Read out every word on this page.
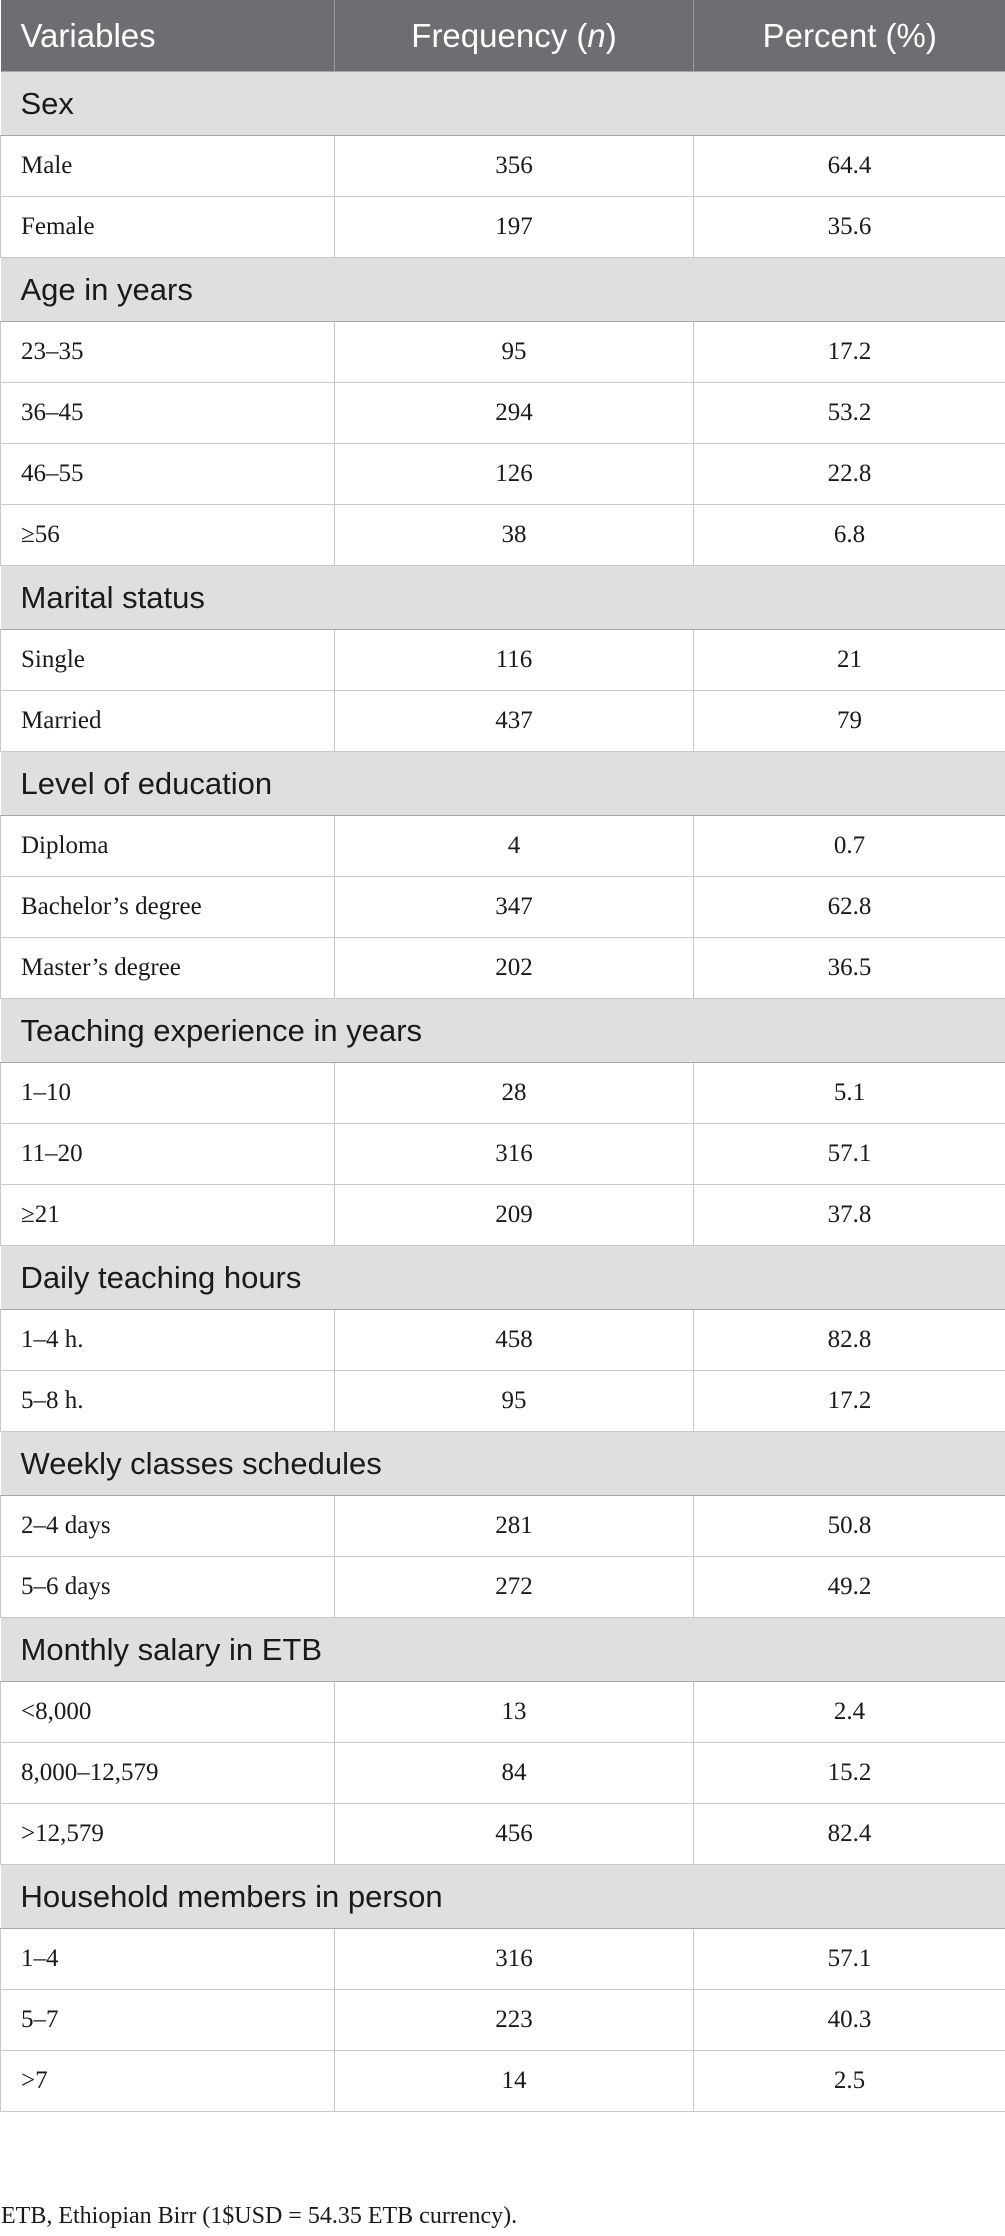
Variables	Frequency (n)	Percent (%)
Sex		
Male	356	64.4
Female	197	35.6
Age in years		
23–35	95	17.2
36–45	294	53.2
46–55	126	22.8
≥56	38	6.8
Marital status		
Single	116	21
Married	437	79
Level of education		
Diploma	4	0.7
Bachelor’s degree	347	62.8
Master’s degree	202	36.5
Teaching experience in years		
1–10	28	5.1
11–20	316	57.1
≥21	209	37.8
Daily teaching hours		
1–4 h.	458	82.8
5–8 h.	95	17.2
Weekly classes schedules		
2–4 days	281	50.8
5–6 days	272	49.2
Monthly salary in ETB		
<8,000	13	2.4
8,000–12,579	84	15.2
>12,579	456	82.4
Household members in person		
1–4	316	57.1
5–7	223	40.3
>7	14	2.5
ETB, Ethiopian Birr (1$USD = 54.35 ETB currency).
